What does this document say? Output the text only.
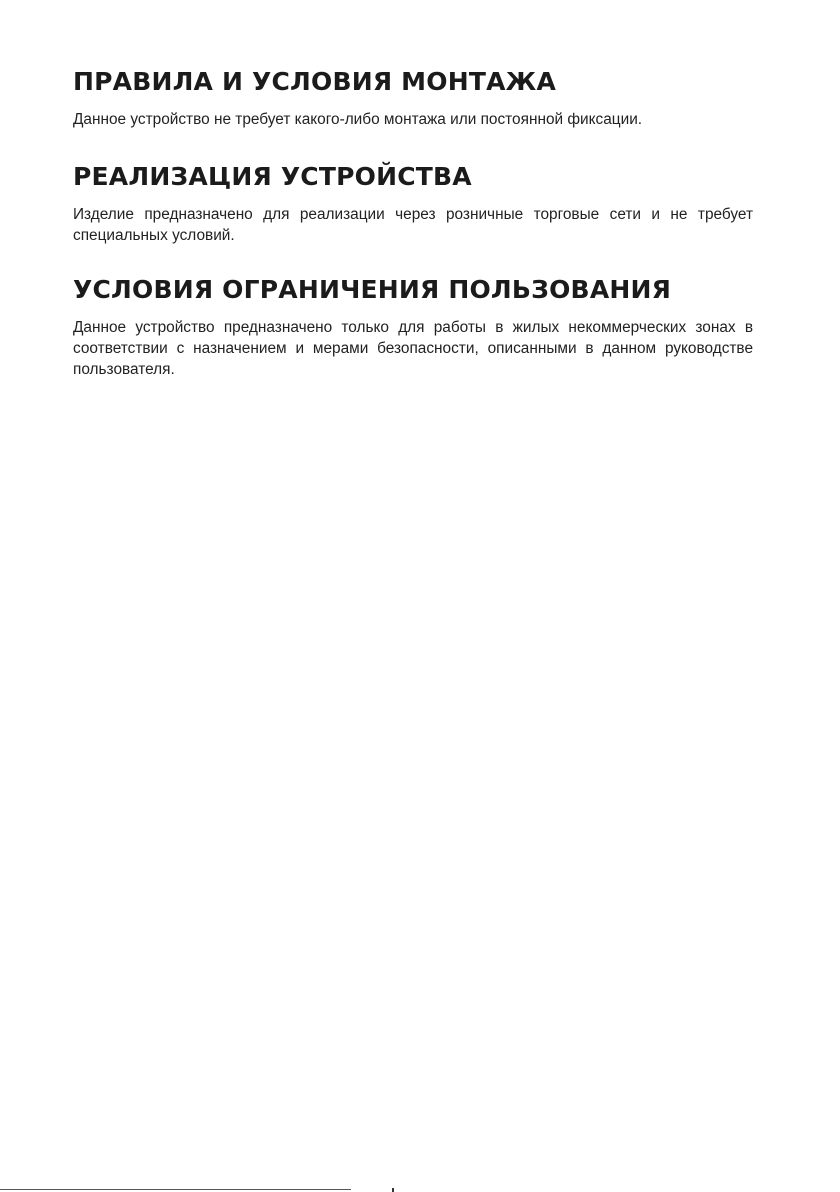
ПРАВИЛА И УСЛОВИЯ МОНТАЖА

Данное устройство не требует какого-либо монтажа или постоянной фиксации.

РЕАЛИЗАЦИЯ УСТРОЙСТВА

Изделие предназначено для реализации через розничные торговые сети и не требует специальных условий.

УСЛОВИЯ ОГРАНИЧЕНИЯ ПОЛЬЗОВАНИЯ

Данное устройство предназначено только для работы в жилых некоммерческих зонах в соответствии с назначением и мерами безопасности, описанными в данном руководстве пользователя.
